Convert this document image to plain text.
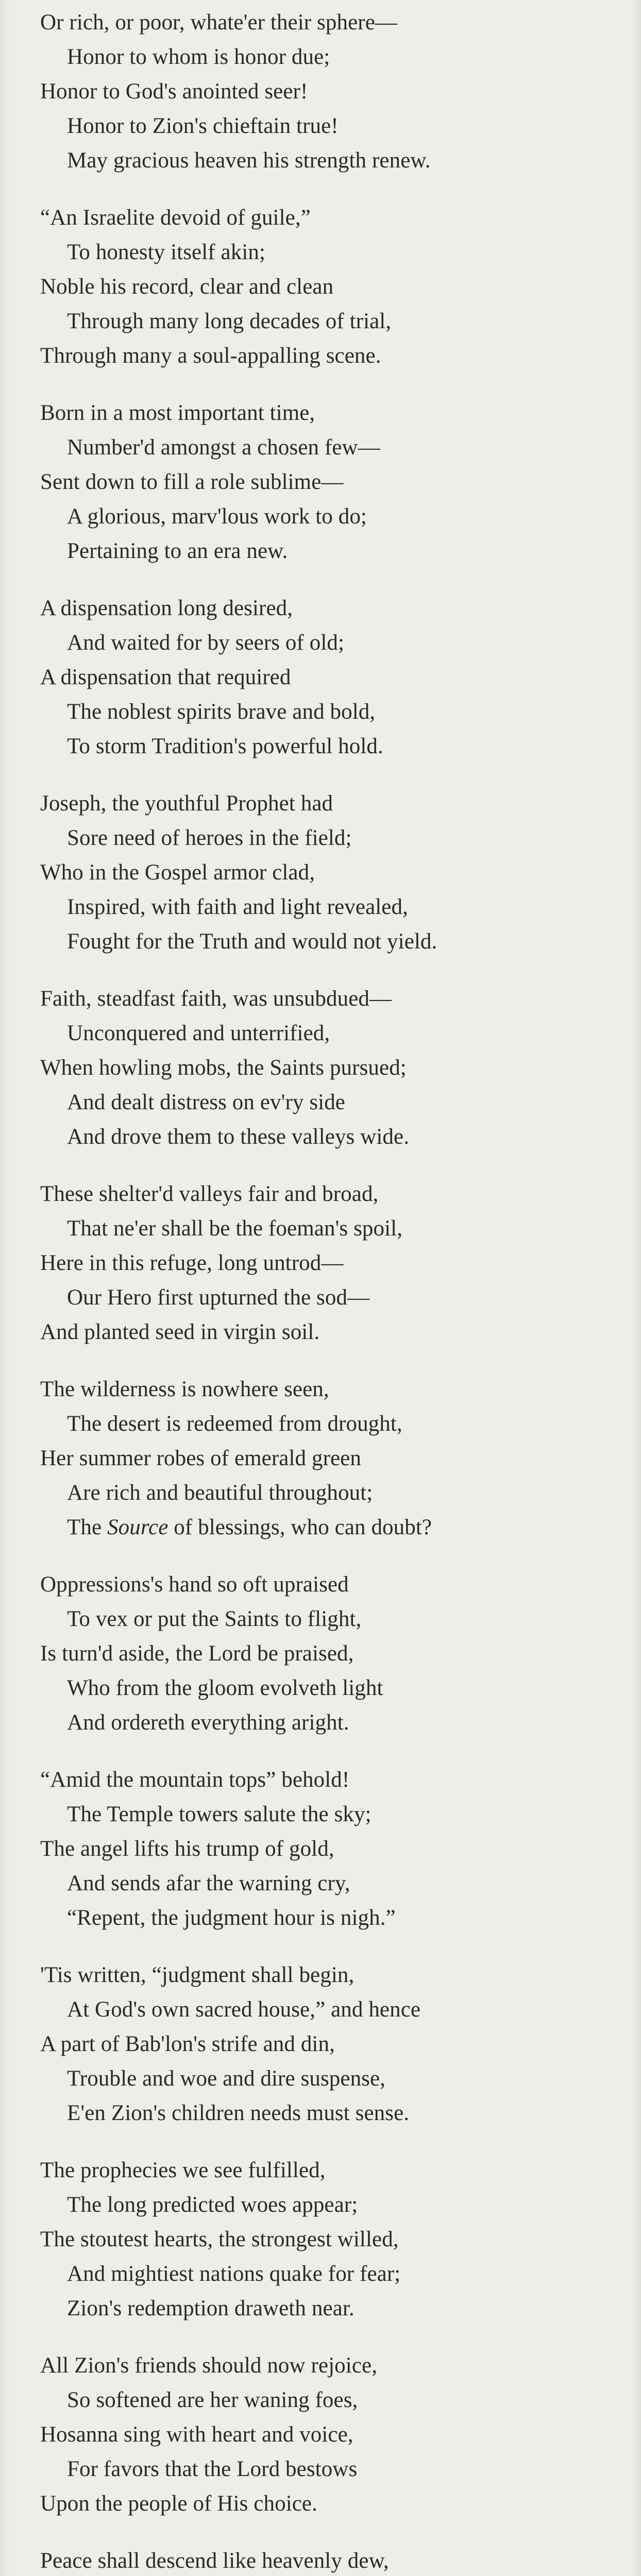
Or rich, or poor, whate'er their sphere—
Honor to whom is honor due;
Honor to God's anointed seer!
Honor to Zion's chieftain true!
May gracious heaven his strength renew.
“An Israelite devoid of guile,”
To honesty itself akin;
Noble his record, clear and clean
Through many long decades of trial,
Through many a soul-appalling scene.
Born in a most important time,
Number'd amongst a chosen few—
Sent down to fill a role sublime—
A glorious, marv'lous work to do;
Pertaining to an era new.
A dispensation long desired,
And waited for by seers of old;
A dispensation that required
The noblest spirits brave and bold,
To storm Tradition's powerful hold.
Joseph, the youthful Prophet had
Sore need of heroes in the field;
Who in the Gospel armor clad,
Inspired, with faith and light revealed,
Fought for the Truth and would not yield.
Faith, steadfast faith, was unsubdued—
Unconquered and unterrified,
When howling mobs, the Saints pursued;
And dealt distress on ev'ry side
And drove them to these valleys wide.
These shelter'd valleys fair and broad,
That ne'er shall be the foeman's spoil,
Here in this refuge, long untrod—
Our Hero first upturned the sod—
And planted seed in virgin soil.
The wilderness is nowhere seen,
The desert is redeemed from drought,
Her summer robes of emerald green
Are rich and beautiful throughout;
The Source of blessings, who can doubt?
Oppressions's hand so oft upraised
To vex or put the Saints to flight,
Is turn'd aside, the Lord be praised,
Who from the gloom evolveth light
And ordereth everything aright.
“Amid the mountain tops” behold!
The Temple towers salute the sky;
The angel lifts his trump of gold,
And sends afar the warning cry,
“Repent, the judgment hour is nigh.”
'Tis written, “judgment shall begin,
At God's own sacred house,” and hence
A part of Bab'lon's strife and din,
Trouble and woe and dire suspense,
E'en Zion's children needs must sense.
The prophecies we see fulfilled,
The long predicted woes appear;
The stoutest hearts, the strongest willed,
And mightiest nations quake for fear;
Zion's redemption draweth near.
All Zion's friends should now rejoice,
So softened are her waning foes,
Hosanna sing with heart and voice,
For favors that the Lord bestows
Upon the people of His choice.
Peace shall descend like heavenly dew,
